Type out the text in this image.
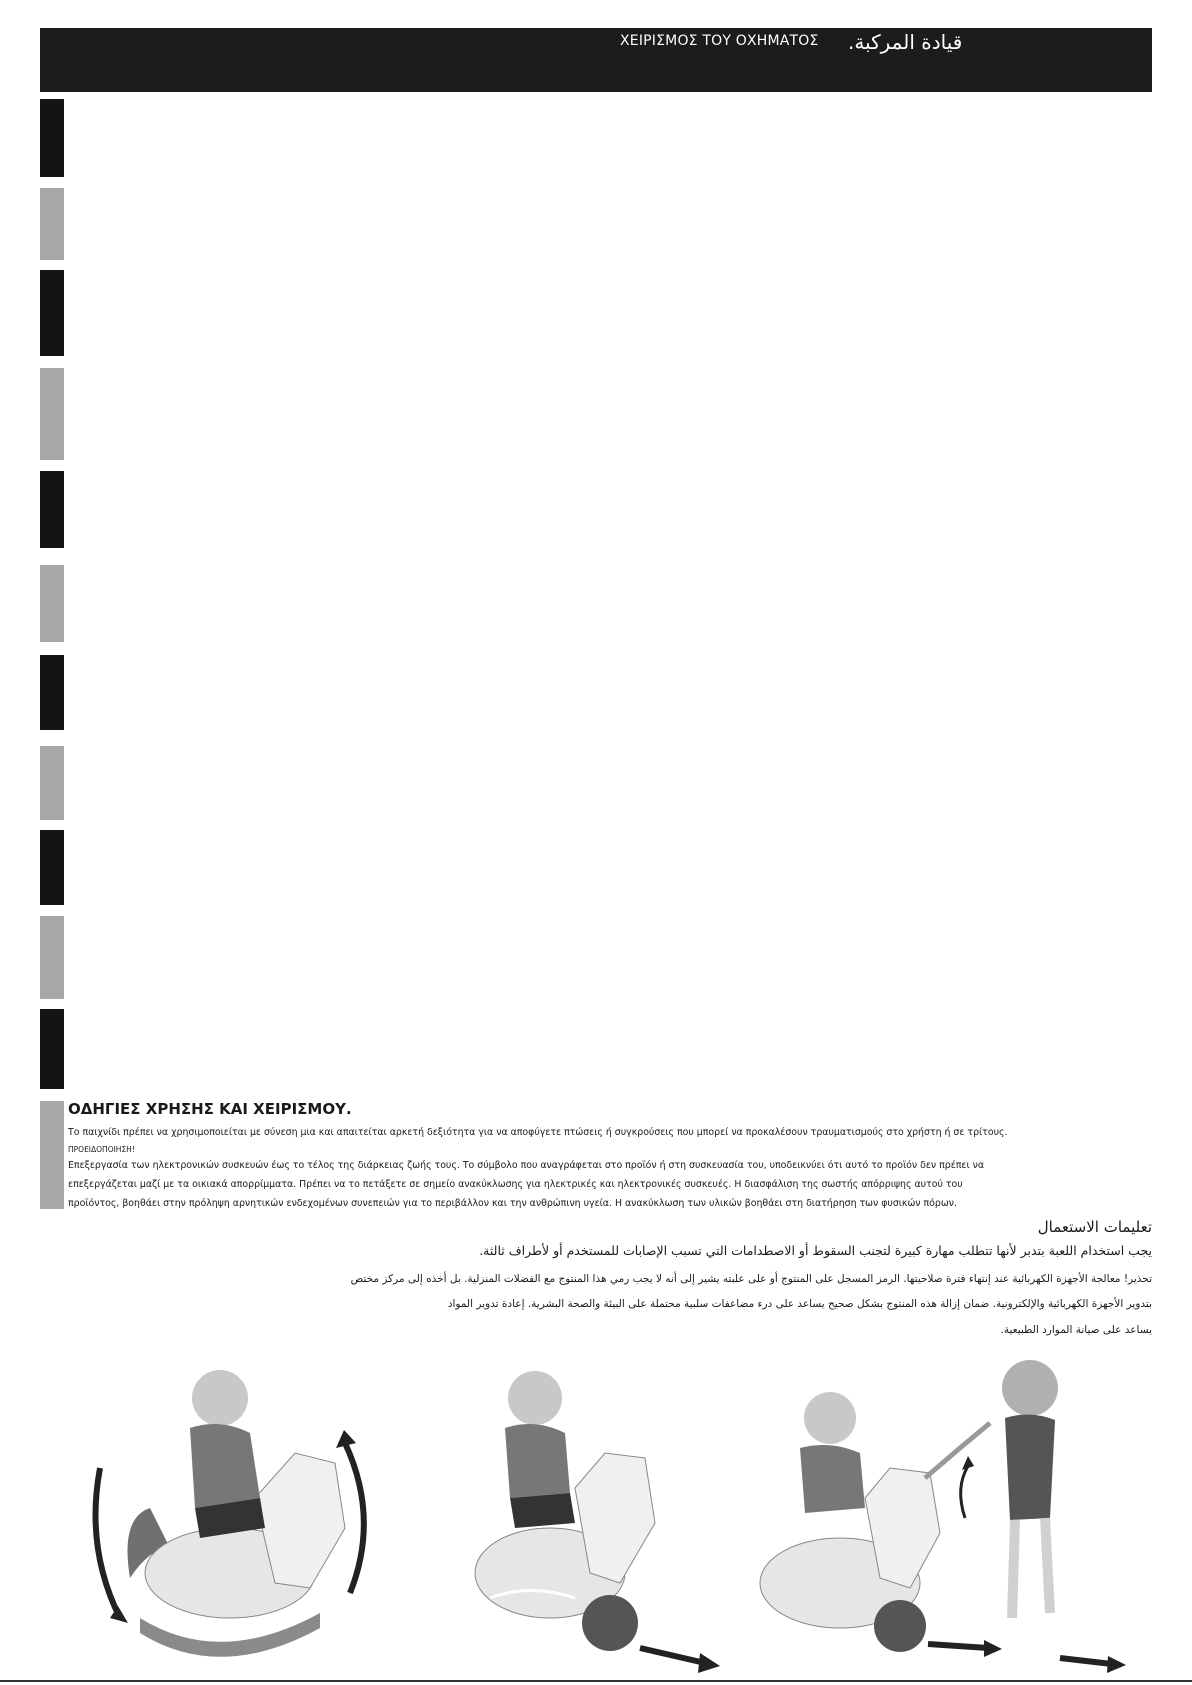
ΧΕΙΡΙΣΜΟΣ ΤΟΥ ΟΧΗΜΑΤΟΣ قيادة المركبة.
ΟΔΗΓΙΕΣ ΧΡΗΣΗΣ ΚΑΙ ΧΕΙΡΙΣΜΟΥ.
Το παιχνίδι πρέπει να χρησιμοποιείται με σύνεση μια και απαιτείται αρκετή δεξιότητα για να αποφύγετε πτώσεις ή συγκρούσεις που μπορεί να προκαλέσουν τραυματισμούς στο χρήστη ή σε τρίτους.
ΠΡΟΕΙΔΟΠΟΙΗΣΗ!
Επεξεργασία των ηλεκτρονικών συσκευών έως το τέλος της διάρκειας ζωής τους. Το σύμβολο που αναγράφεται στο προϊόν ή στη συσκευασία του, υποδεικνύει ότι αυτό το προϊόν δεν πρέπει να
επεξεργάζεται μαζί με τα οικιακά απορρίμματα. Πρέπει να το πετάξετε σε σημείο ανακύκλωσης για ηλεκτρικές και ηλεκτρονικές συσκευές. Η διασφάλιση της σωστής απόρριψης αυτού του
προϊόντος, βοηθάει στην πρόληψη αρνητικών ενδεχομένων συνεπειών για το περιβάλλον και την ανθρώπινη υγεία. Η ανακύκλωση των υλικών βοηθάει στη διατήρηση των φυσικών πόρων.
تعليمات الاستعمال
يجب استخدام اللعبة بتدبر لأنها تتطلب مهارة كبيرة لتجنب السقوط أو الاصطدامات التي تسبب الإصابات للمستخدم أو لأطراف ثالثة.
تحذير! معالجة الأجهزة الكهربائية عند إنتهاء فترة صلاحيتها. الرمز المسجل على المنتوج أو على علبته يشير إلى أنه لا يجب رمي هذا المنتوج مع الفضلات المنزلية. بل أخذه إلى مركز مختص
بتدوير الأجهزة الكهربائية والإلكترونية. ضمان إزالة هذه المنتوج بشكل صحيح يساعد على درء مضاعفات سلبية محتملة على البيئة والصحة البشرية. إعادة تدوير المواد
يساعد على صيانة الموارد الطبيعية.
